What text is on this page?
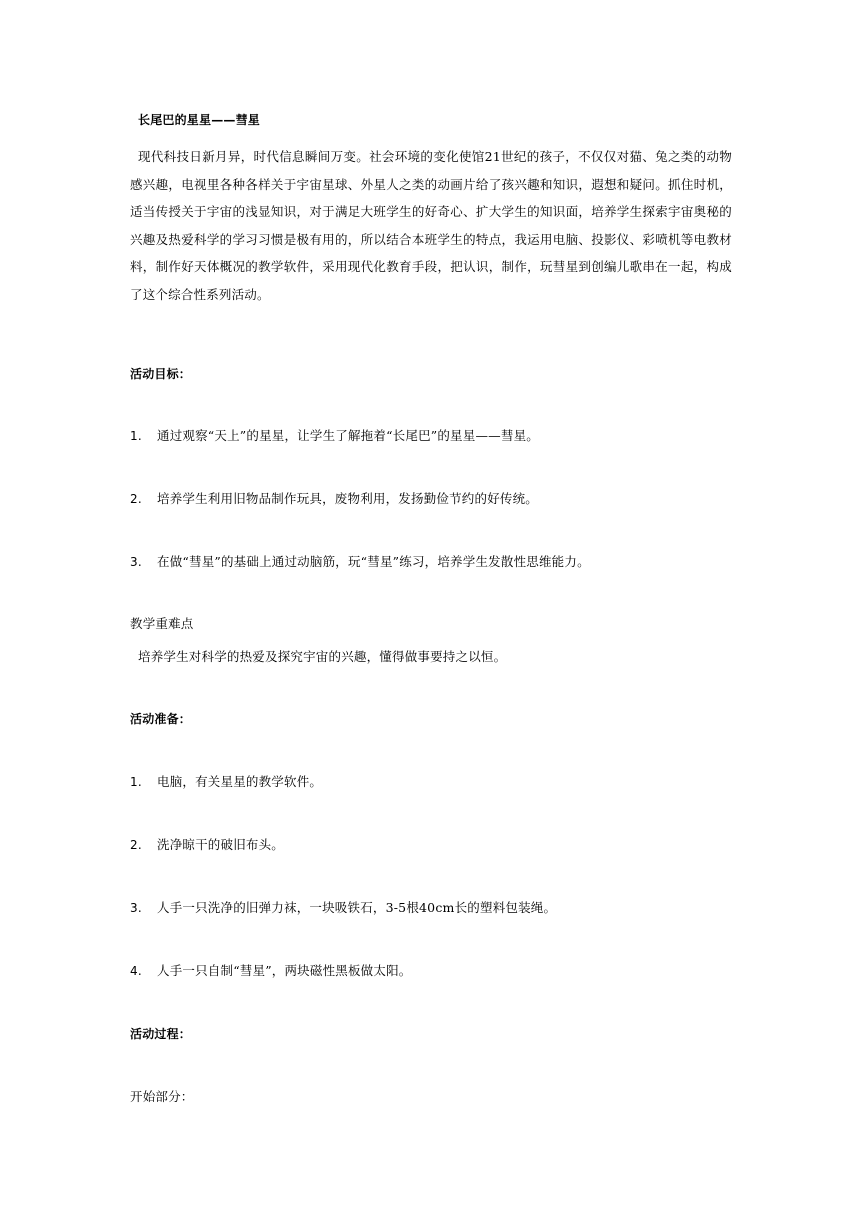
长尾巴的星星——彗星
现代科技日新月异，时代信息瞬间万变。社会环境的变化使馆21世纪的孩子，不仅仅对猫、兔之类的动物感兴趣，电视里各种各样关于宇宙星球、外星人之类的动画片给了孩兴趣和知识，遐想和疑问。抓住时机，适当传授关于宇宙的浅显知识，对于满足大班学生的好奇心、扩大学生的知识面，培养学生探索宇宙奥秘的兴趣及热爱科学的学习习惯是极有用的，所以结合本班学生的特点，我运用电脑、投影仪、彩喷机等电教材料，制作好天体概况的教学软件，采用现代化教育手段，把认识，制作，玩彗星到创编儿歌串在一起，构成了这个综合性系列活动。
活动目标：
1. 通过观察“天上”的星星，让学生了解拖着“长尾巴”的星星——彗星。
2. 培养学生利用旧物品制作玩具，废物利用，发扬勤俭节约的好传统。
3. 在做“彗星”的基础上通过动脑筋，玩“彗星”练习，培养学生发散性思维能力。
教学重难点
培养学生对科学的热爱及探究宇宙的兴趣，懂得做事要持之以恒。
活动准备：
1. 电脑，有关星星的教学软件。
2. 洗净晾干的破旧布头。
3. 人手一只洗净的旧弹力袜，一块吸铁石，3-5根40cm长的塑料包装绳。
4. 人手一只自制“彗星”，两块磁性黑板做太阳。
活动过程：
开始部分：
